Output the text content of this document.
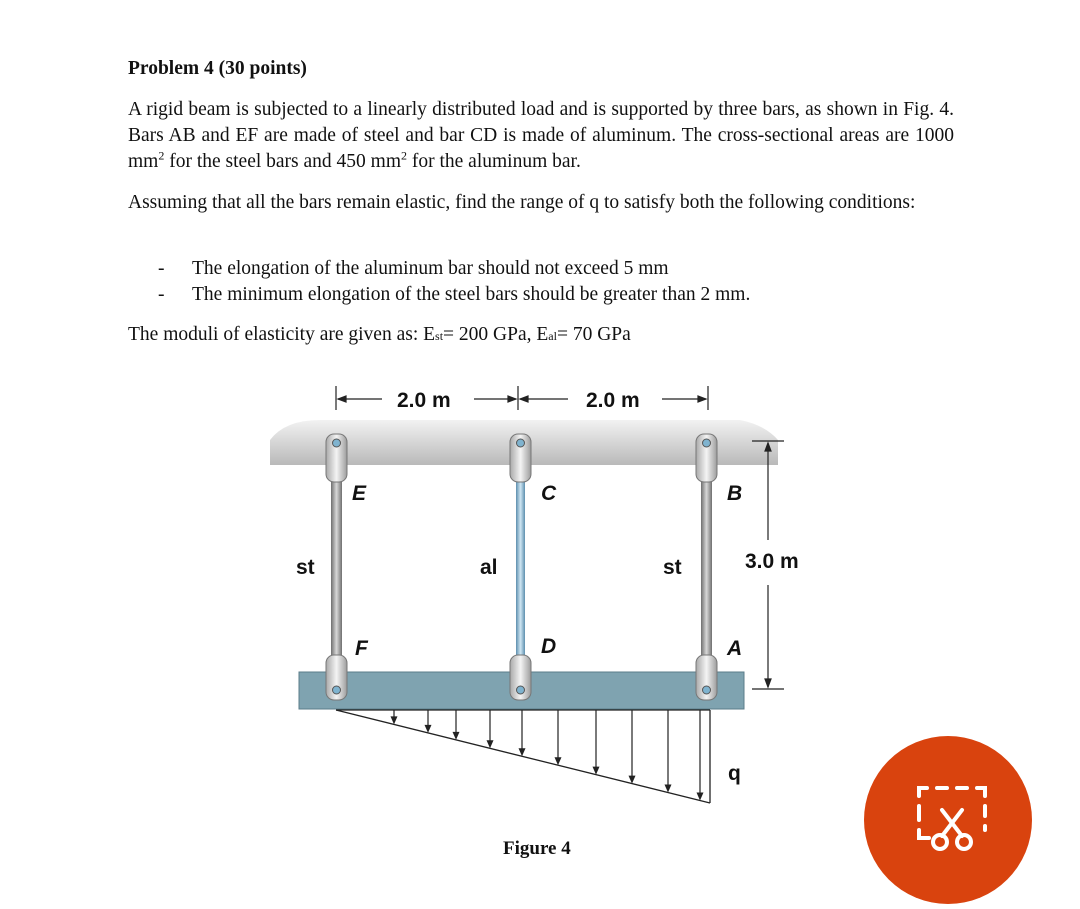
Problem 4 (30 points)
A rigid beam is subjected to a linearly distributed load and is supported by three bars, as shown in Fig. 4. Bars AB and EF are made of steel and bar CD is made of aluminum. The cross-sectional areas are 1000 $mm^2$ for the steel bars and 450 $mm^2$ for the aluminum bar.
Assuming that all the bars remain elastic, find the range of q to satisfy both the following conditions:
- The elongation of the aluminum bar should not exceed 5 mm
- The minimum elongation of the steel bars should be greater than 2 mm.
The moduli of elasticity are given as: Est= 200 GPa, Eal= 70 GPa
2.0 m	2.0 m
3.0 m
E	C	B
st	al	st
F	D	A
q
Figure 4
